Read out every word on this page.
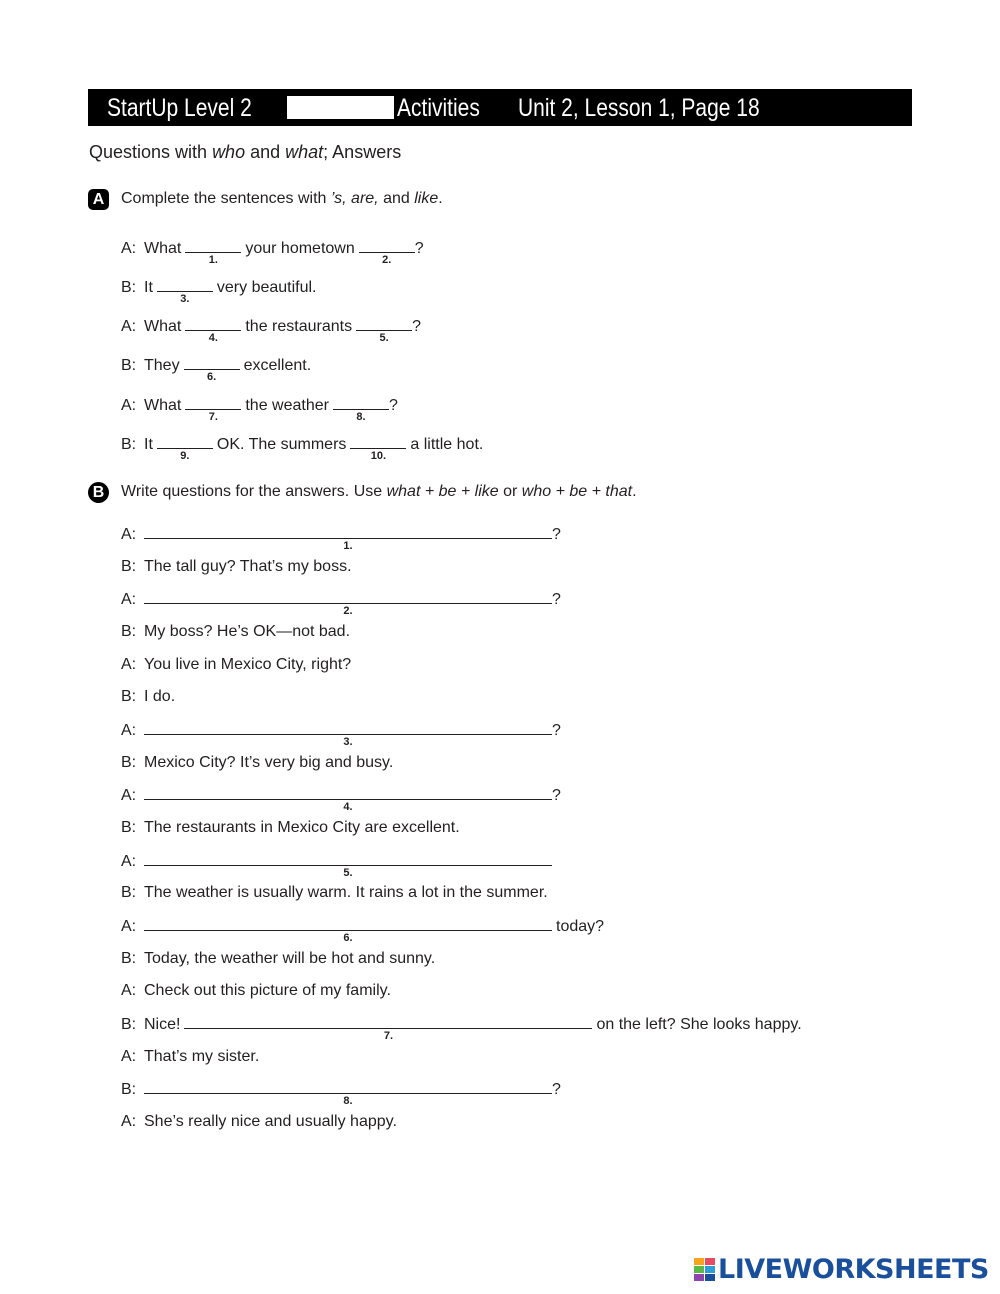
StartUp Level 2	Activities Unit 2, Lesson 1, Page 18
Questions with who and what; Answers
A Complete the sentences with ’s, are, and like.
A: What
1.
your hometown
2.
?
B: It
3.
very beautiful.
A: What
4.
the restaurants
5.
?
B: They
6.
excellent.
A: What
7.
the weather
8.
?
B: It
9.
OK. The summers
10.
a little hot.
B Write questions for the answers. Use what + be + like or who + be + that.
A:
1.
?
B: The tall guy? That’s my boss.
A:
2.
?
B: My boss? He’s OK—not bad.
A: You live in Mexico City, right?
B: I do.
A:
3.
?
B: Mexico City? It’s very big and busy.
A:
4.
?
B: The restaurants in Mexico City are excellent.
A:
5.
B: The weather is usually warm. It rains a lot in the summer.
A:
6.
today?
B: Today, the weather will be hot and sunny.
A: Check out this picture of my family.
B: Nice!
7.
on the left? She looks happy.
A: That’s my sister.
B:
8.
?
A: She’s really nice and usually happy.
LIVEWORKSHEETS
